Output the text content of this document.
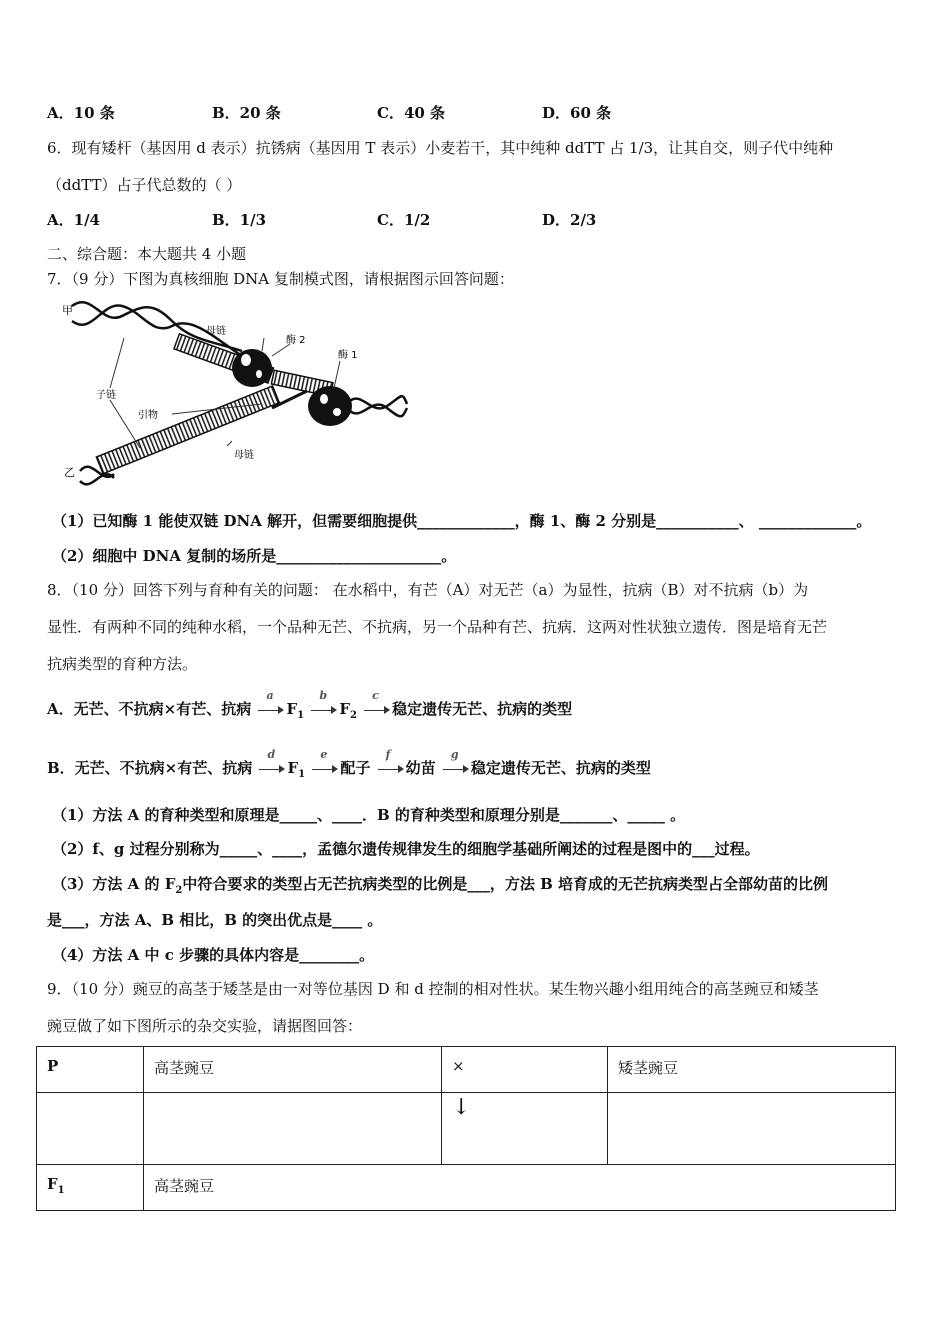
A．10 条	B．20 条	C．40 条	D．60 条
6．现有矮杆（基因用 d 表示）抗锈病（基因用 T 表示）小麦若干，其中纯种 ddTT 占 1/3，让其自交，则子代中纯种
（ddTT）占子代总数的（ ）
A．1/4	B．1/3	C．1/2	D．2/3
二、综合题：本大题共 4 小题
7．（9 分）下图为真核细胞 DNA 复制模式图，请根据图示回答问题：
甲
母链
酶 2
酶 1
子链
引物
母链
乙
（1）已知酶 1 能使双链 DNA 解开，但需要细胞提供_____________，酶 1、酶 2 分别是___________、 _____________。
（2）细胞中 DNA 复制的场所是______________________。
8．（10 分）回答下列与育种有关的问题： 在水稻中，有芒（A）对无芒（a）为显性，抗病（B）对不抗病（b）为
显性．有两种不同的纯种水稻，一个品种无芒、不抗病，另一个品种有芒、抗病．这两对性状独立遗传．图是培育无芒
抗病类型的育种方法。
A．无芒、不抗病×有芒、抗病
a
$F_1$
b
$F_2$
c
稳定遗传无芒、抗病的类型
B．无芒、不抗病×有芒、抗病
d
$F_1$
e
配子
f
幼苗
g
稳定遗传无芒、抗病的类型
（1）方法 A 的育种类型和原理是_____、____．B 的育种类型和原理分别是_______、_____ 。
（2）f、g 过程分别称为_____、____，孟德尔遗传规律发生的细胞学基础所阐述的过程是图中的___过程。
（3）方法 A 的 $F_2$中符合要求的类型占无芒抗病类型的比例是___，方法 B 培育成的无芒抗病类型占全部幼苗的比例
是___，方法 A、B 相比，B 的突出优点是____ 。
（4）方法 A 中 c 步骤的具体内容是________。
9．（10 分）豌豆的高茎于矮茎是由一对等位基因 D 和 d 控制的相对性状。某生物兴趣小组用纯合的高茎豌豆和矮茎
豌豆做了如下图所示的杂交实验，请据图回答：
P	高茎豌豆	×	矮茎豌豆
		↓	
$F_1$	高茎豌豆		
